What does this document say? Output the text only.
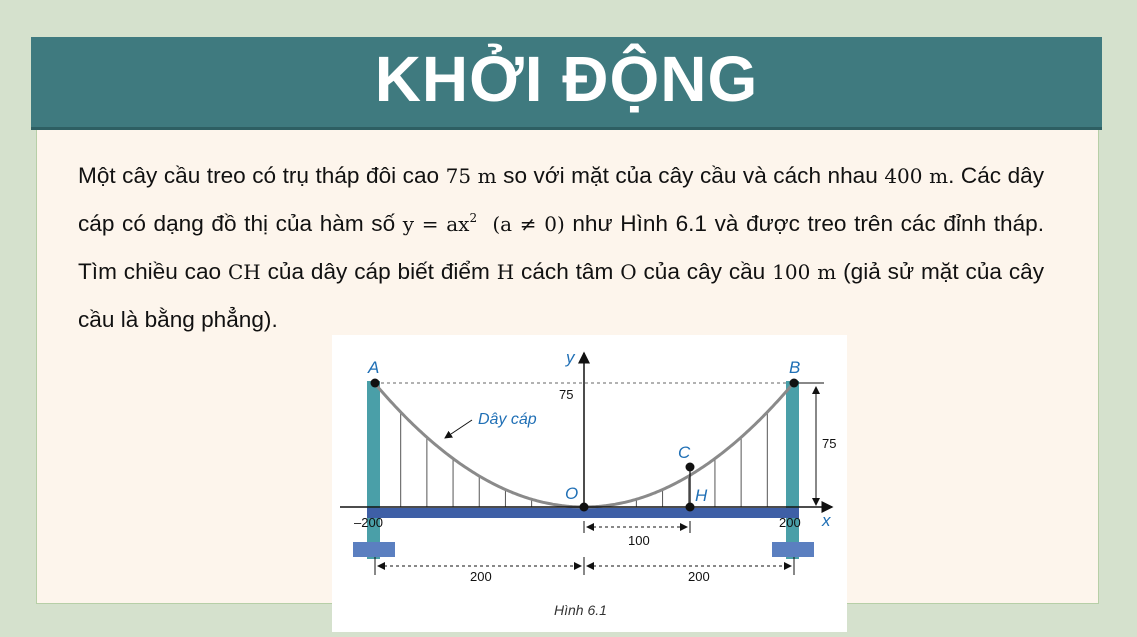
KHỞI ĐỘNG
Một cây cầu treo có trụ tháp đôi cao 75 m so với mặt của cây cầu và cách nhau 400 m. Các dây cáp có dạng đồ thị của hàm số $y = ax^2$ (a ≠ 0) như Hình 6.1 và được treo trên các đỉnh tháp. Tìm chiều cao CH của dây cáp biết điểm H cách tâm O của cây cầu 100 m (giả sử mặt của cây cầu là bằng phẳng).
A	B
C
H
O
x
y
Dây cáp
75
75
–200	200
100
200	200
Hình 6.1
